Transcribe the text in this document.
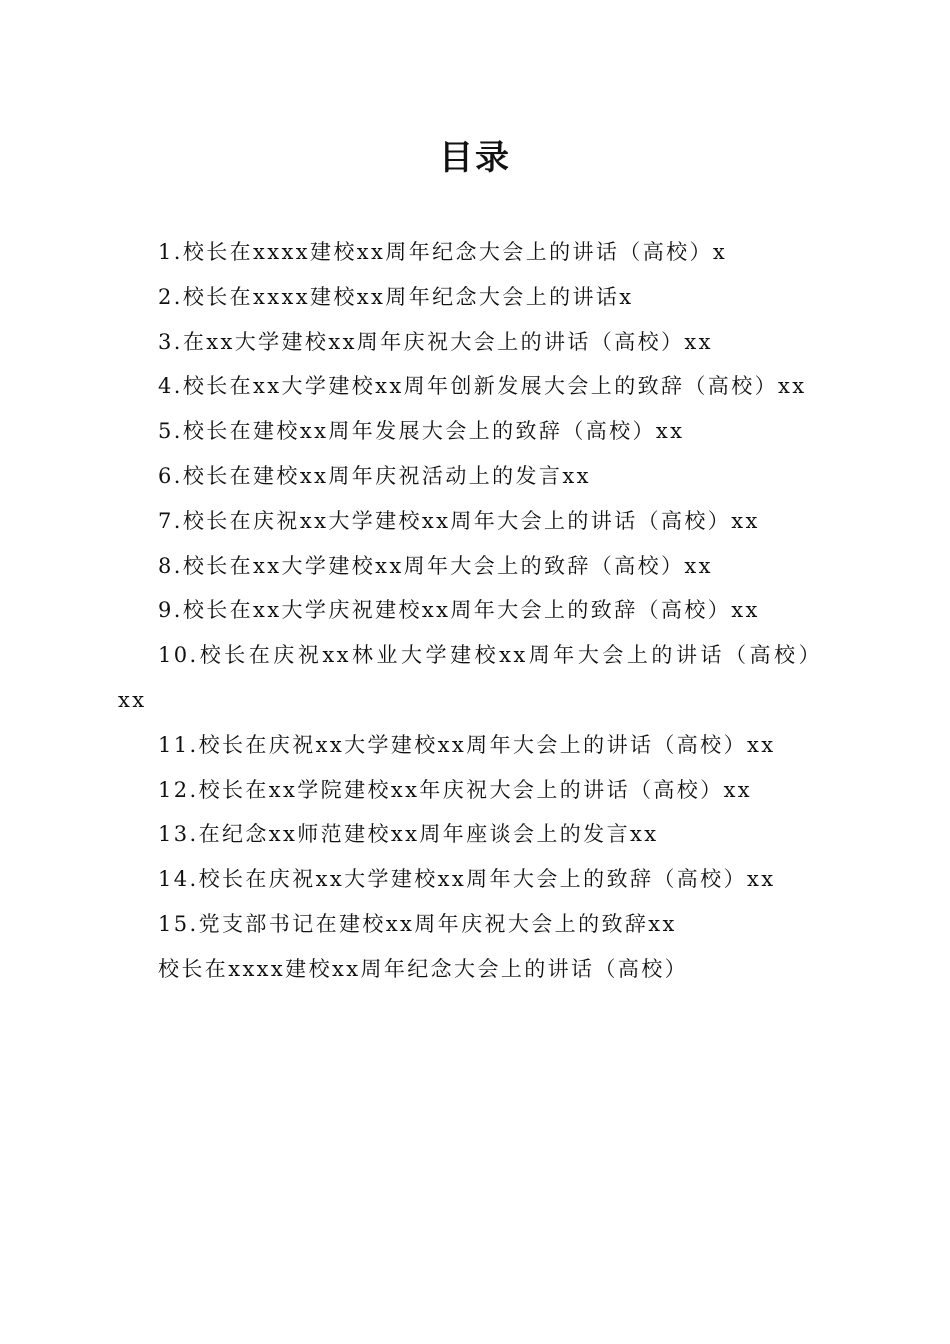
目录

1.校长在xxxx建校xx周年纪念大会上的讲话（高校）x

2.校长在xxxx建校xx周年纪念大会上的讲话x

3.在xx大学建校xx周年庆祝大会上的讲话（高校）xx

4.校长在xx大学建校xx周年创新发展大会上的致辞（高校）xx

5.校长在建校xx周年发展大会上的致辞（高校）xx

6.校长在建校xx周年庆祝活动上的发言xx

7.校长在庆祝xx大学建校xx周年大会上的讲话（高校）xx

8.校长在xx大学建校xx周年大会上的致辞（高校）xx

9.校长在xx大学庆祝建校xx周年大会上的致辞（高校）xx

10.校长在庆祝xx林业大学建校xx周年大会上的讲话（高校）xx

11.校长在庆祝xx大学建校xx周年大会上的讲话（高校）xx

12.校长在xx学院建校xx年庆祝大会上的讲话（高校）xx

13.在纪念xx师范建校xx周年座谈会上的发言xx

14.校长在庆祝xx大学建校xx周年大会上的致辞（高校）xx

15.党支部书记在建校xx周年庆祝大会上的致辞xx

校长在xxxx建校xx周年纪念大会上的讲话（高校）
